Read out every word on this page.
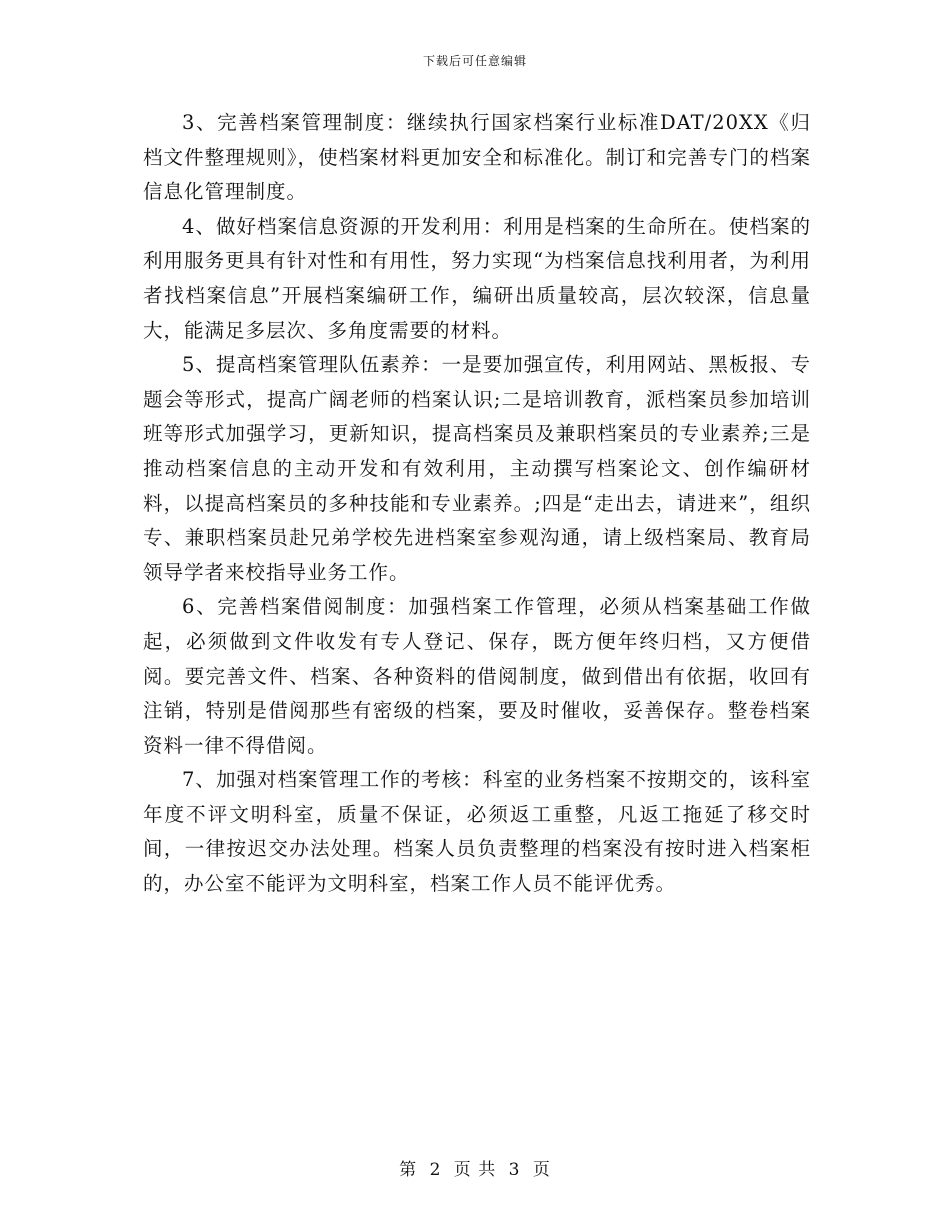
下载后可任意编辑

3、完善档案管理制度：继续执行国家档案行业标准DAT/20XX《归档文件整理规则》，使档案材料更加安全和标准化。制订和完善专门的档案信息化管理制度。

4、做好档案信息资源的开发利用：利用是档案的生命所在。使档案的利用服务更具有针对性和有用性，努力实现“为档案信息找利用者，为利用者找档案信息”开展档案编研工作，编研出质量较高，层次较深，信息量大，能满足多层次、多角度需要的材料。

5、提高档案管理队伍素养：一是要加强宣传，利用网站、黑板报、专题会等形式，提高广阔老师的档案认识;二是培训教育，派档案员参加培训班等形式加强学习，更新知识，提高档案员及兼职档案员的专业素养;三是推动档案信息的主动开发和有效利用，主动撰写档案论文、创作编研材料，以提高档案员的多种技能和专业素养。;四是“走出去，请进来”，组织专、兼职档案员赴兄弟学校先进档案室参观沟通，请上级档案局、教育局领导学者来校指导业务工作。

6、完善档案借阅制度：加强档案工作管理，必须从档案基础工作做起，必须做到文件收发有专人登记、保存，既方便年终归档，又方便借阅。要完善文件、档案、各种资料的借阅制度，做到借出有依据，收回有注销，特别是借阅那些有密级的档案，要及时催收，妥善保存。整卷档案资料一律不得借阅。

7、加强对档案管理工作的考核：科室的业务档案不按期交的，该科室年度不评文明科室，质量不保证，必须返工重整，凡返工拖延了移交时间，一律按迟交办法处理。档案人员负责整理的档案没有按时进入档案柜的，办公室不能评为文明科室，档案工作人员不能评优秀。

第 2 页 共 3 页
